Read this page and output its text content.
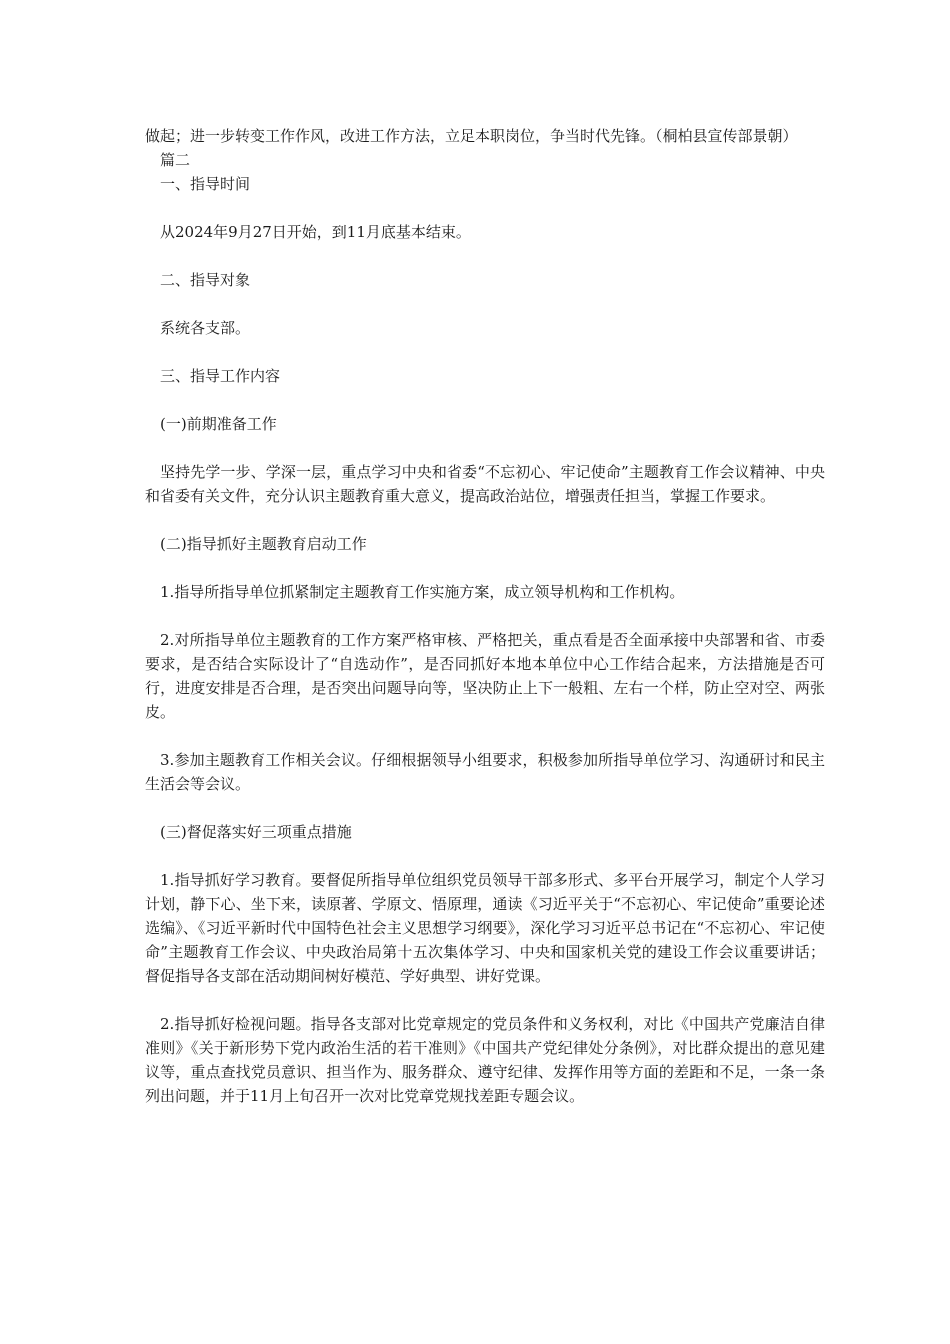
做起；进一步转变工作作风，改进工作方法，立足本职岗位，争当时代先锋。（桐柏县宣传部景朝）

篇二

一、指导时间

从2024年9月27日开始，到11月底基本结束。

二、指导对象

系统各支部。

三、指导工作内容

(一)前期准备工作

坚持先学一步、学深一层，重点学习中央和省委“不忘初心、牢记使命”主题教育工作会议精神、中央和省委有关文件，充分认识主题教育重大意义，提高政治站位，增强责任担当，掌握工作要求。

(二)指导抓好主题教育启动工作

1.指导所指导单位抓紧制定主题教育工作实施方案，成立领导机构和工作机构。

2.对所指导单位主题教育的工作方案严格审核、严格把关，重点看是否全面承接中央部署和省、市委要求，是否结合实际设计了“自选动作”，是否同抓好本地本单位中心工作结合起来，方法措施是否可行，进度安排是否合理，是否突出问题导向等，坚决防止上下一般粗、左右一个样，防止空对空、两张皮。

3.参加主题教育工作相关会议。仔细根据领导小组要求，积极参加所指导单位学习、沟通研讨和民主生活会等会议。

(三)督促落实好三项重点措施

1.指导抓好学习教育。要督促所指导单位组织党员领导干部多形式、多平台开展学习，制定个人学习计划，静下心、坐下来，读原著、学原文、悟原理，通读《习近平关于“不忘初心、牢记使命”重要论述选编》、《习近平新时代中国特色社会主义思想学习纲要》，深化学习习近平总书记在“不忘初心、牢记使命”主题教育工作会议、中央政治局第十五次集体学习、中央和国家机关党的建设工作会议重要讲话；督促指导各支部在活动期间树好模范、学好典型、讲好党课。

2.指导抓好检视问题。指导各支部对比党章规定的党员条件和义务权利，对比《中国共产党廉洁自律准则》《关于新形势下党内政治生活的若干准则》《中国共产党纪律处分条例》，对比群众提出的意见建议等，重点查找党员意识、担当作为、服务群众、遵守纪律、发挥作用等方面的差距和不足，一条一条列出问题，并于11月上旬召开一次对比党章党规找差距专题会议。
